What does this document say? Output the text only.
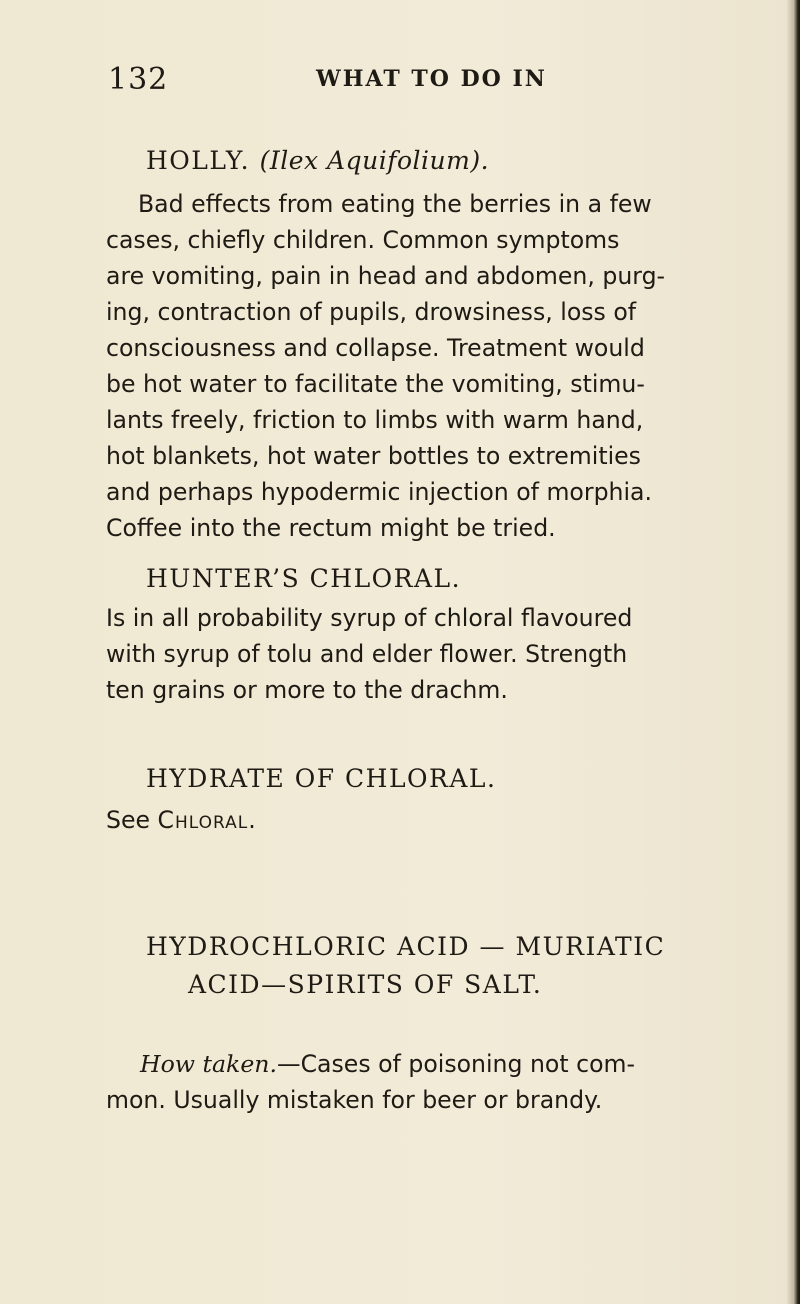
132	WHAT TO DO IN
HOLLY. (Ilex Aquifolium).
Bad effects from eating the berries in a few
cases, chiefly children. Common symptoms
are vomiting, pain in head and abdomen, purg-
ing, contraction of pupils, drowsiness, loss of
consciousness and collapse. Treatment would
be hot water to facilitate the vomiting, stimu-
lants freely, friction to limbs with warm hand,
hot blankets, hot water bottles to extremities
and perhaps hypodermic injection of morphia.
Coffee into the rectum might be tried.
HUNTER’S CHLORAL.
Is in all probability syrup of chloral flavoured
with syrup of tolu and elder flower. Strength
ten grains or more to the drachm.
HYDRATE OF CHLORAL.
See Chloral.
HYDROCHLORIC ACID — MURIATIC
ACID—SPIRITS OF SALT.
How taken.—Cases of poisoning not com-
mon. Usually mistaken for beer or brandy.
